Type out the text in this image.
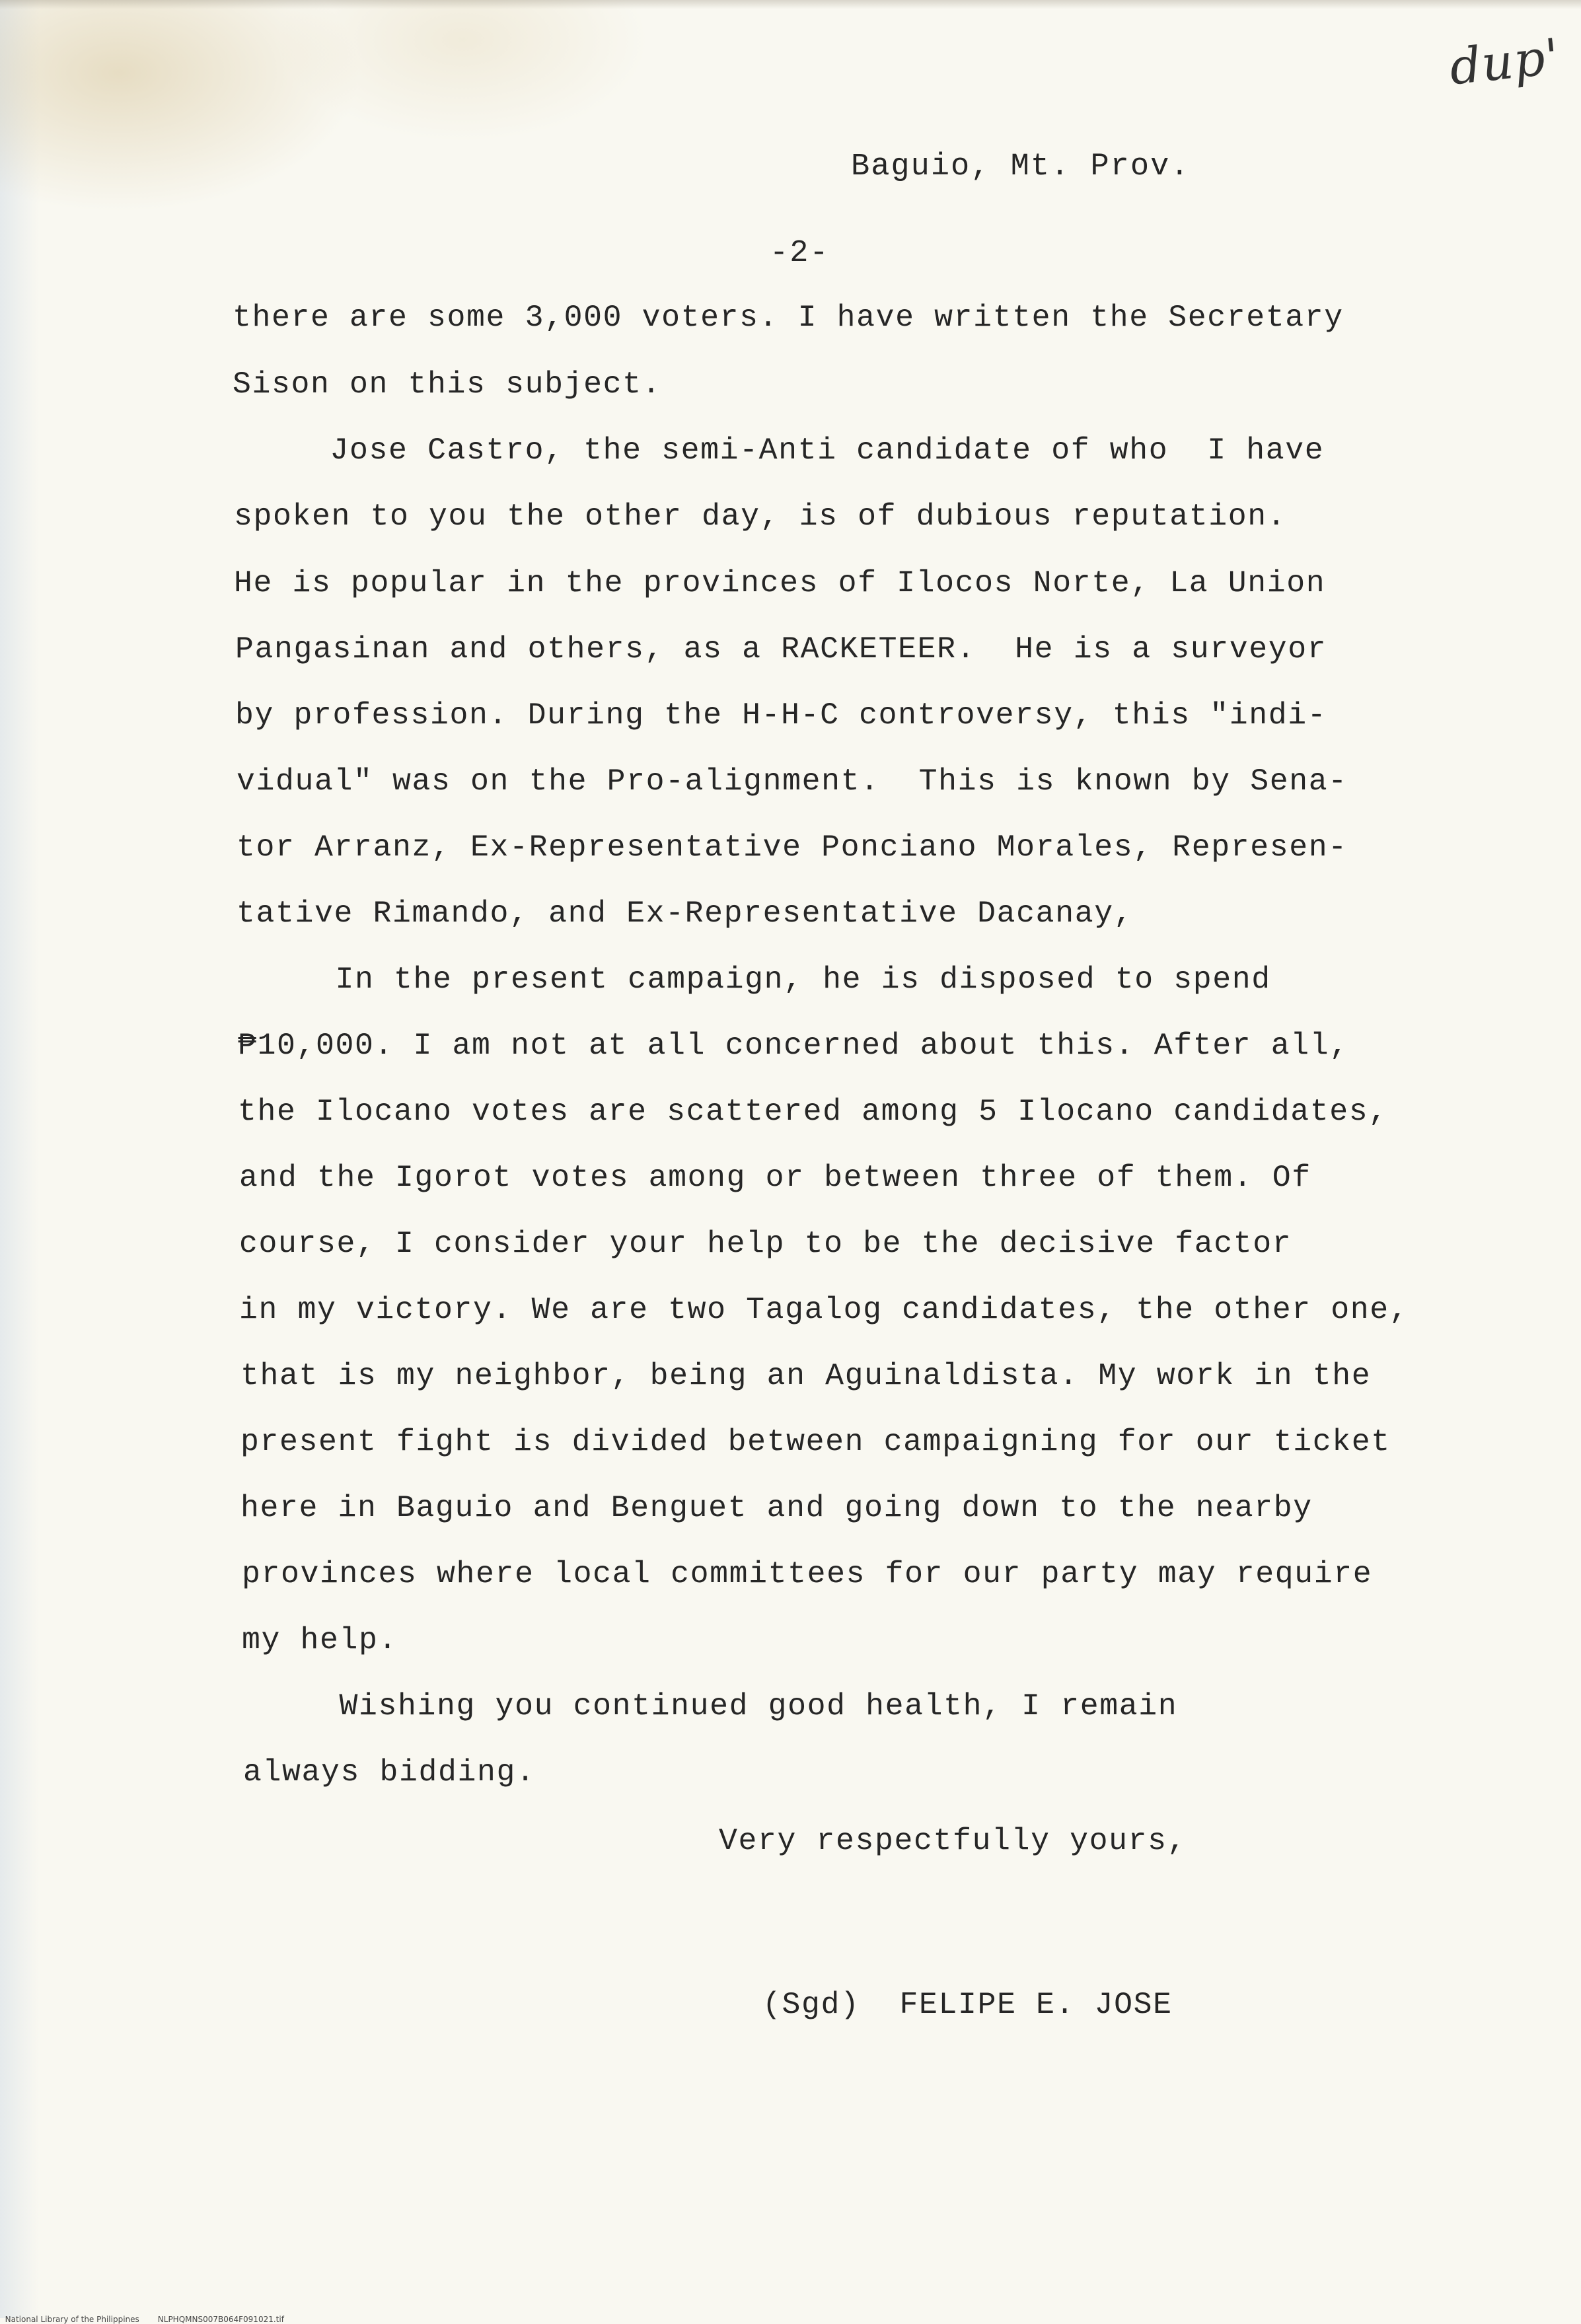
dup'
Baguio, Mt. Prov.
-2-
there are some 3,000 voters. I have written the Secretary
Sison on this subject.
Jose Castro, the semi-Anti candidate of who  I have
spoken to you the other day, is of dubious reputation.
He is popular in the provinces of Ilocos Norte, La Union
Pangasinan and others, as a RACKETEER.  He is a surveyor
by profession. During the H-H-C controversy, this "indi-
vidual" was on the Pro-alignment.  This is known by Sena-
tor Arranz, Ex-Representative Ponciano Morales, Represen-
tative Rimando, and Ex-Representative Dacanay,
In the present campaign, he is disposed to spend
₱10,000. I am not at all concerned about this. After all,
the Ilocano votes are scattered among 5 Ilocano candidates,
and the Igorot votes among or between three of them. Of
course, I consider your help to be the decisive factor
in my victory. We are two Tagalog candidates, the other one,
that is my neighbor, being an Aguinaldista. My work in the
present fight is divided between campaigning for our ticket
here in Baguio and Benguet and going down to the nearby
provinces where local committees for our party may require
my help.
Wishing you continued good health, I remain
always bidding.
Very respectfully yours,

(Sgd) FELIPE E. JOSE

National Library of the Philippines NLPHQMNS007B064F091021.tif
